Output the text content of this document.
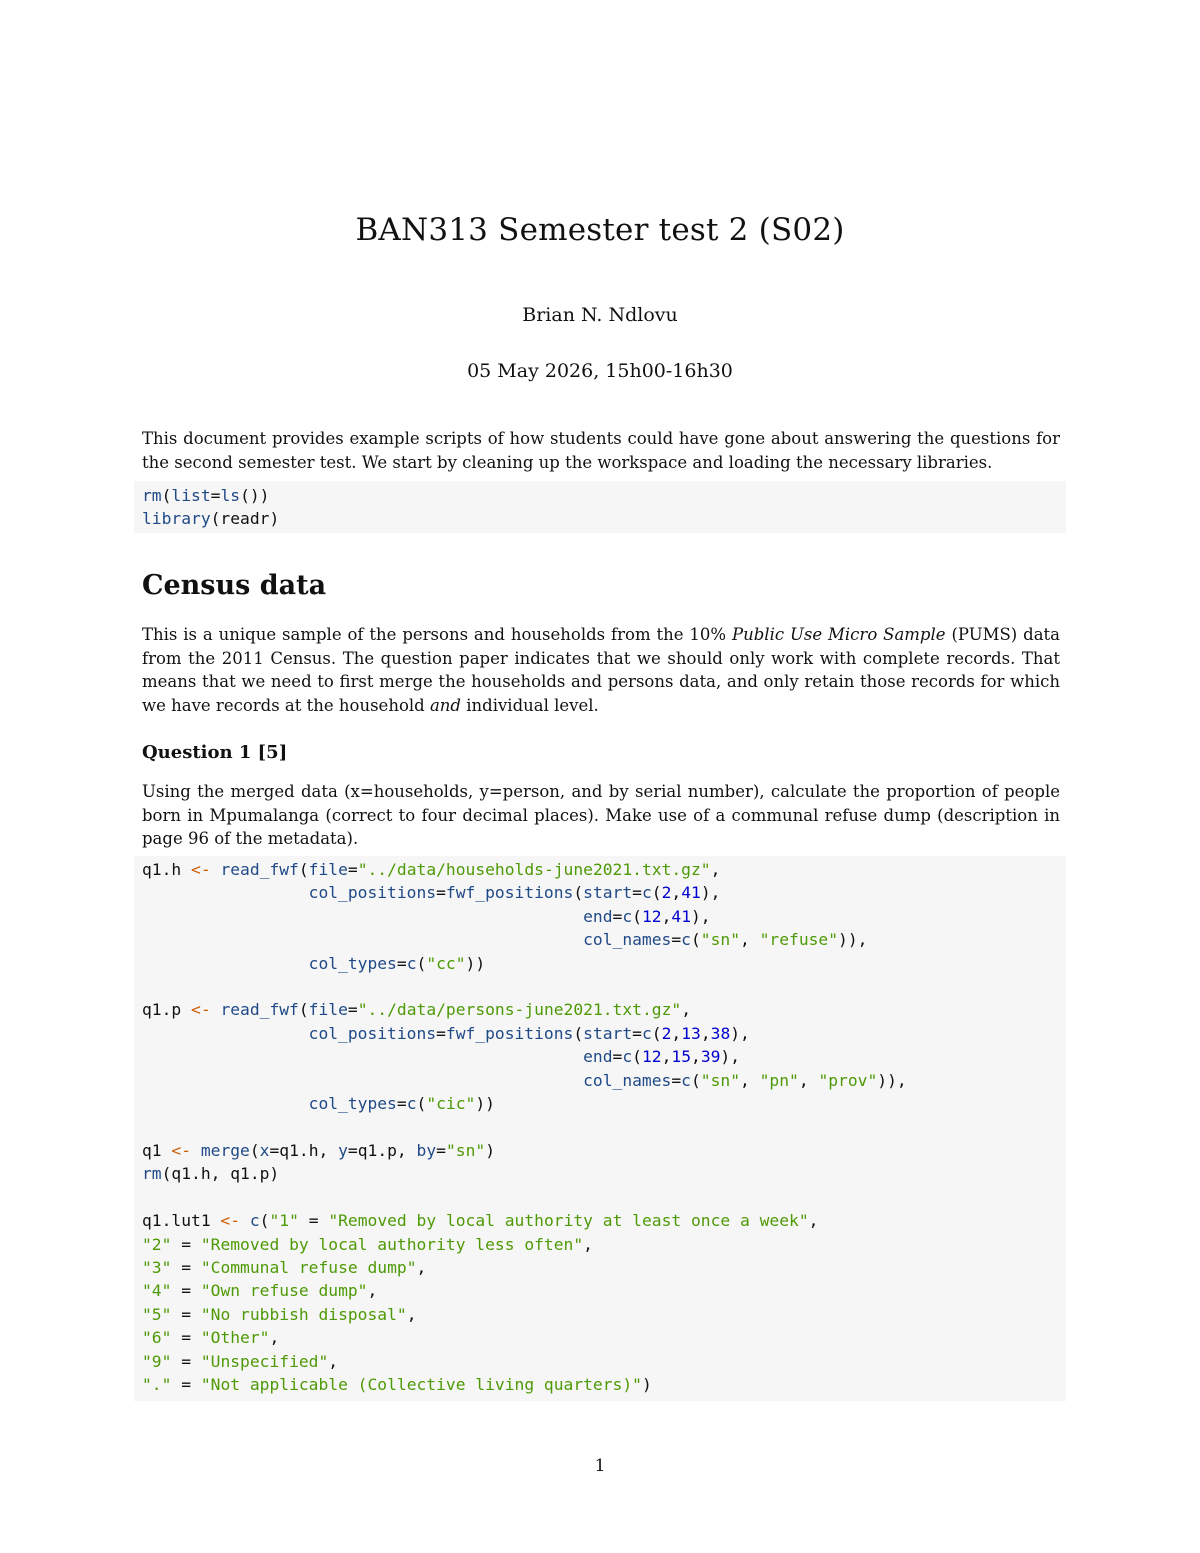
BAN313 Semester test 2 (S02)
Brian N. Ndlovu
05 May 2026, 15h00-16h30

This document provides example scripts of how students could have gone about answering the questions for the second semester test. We start by cleaning up the workspace and loading the necessary libraries.

rm(list=ls())
library(readr)
Census data

This is a unique sample of the persons and households from the 10% Public Use Micro Sample (PUMS) data from the 2011 Census. The question paper indicates that we should only work with complete records. That means that we need to first merge the households and persons data, and only retain those records for which we have records at the household and individual level.

Question 1 [5]

Using the merged data (x=households, y=person, and by serial number), calculate the proportion of people born in Mpumalanga (correct to four decimal places). Make use of a communal refuse dump (description in page 96 of the metadata).

q1.h <- read_fwf(file="../data/households-june2021.txt.gz",
col_positions=fwf_positions(start=c(2,41),
end=c(12,41),
col_names=c("sn", "refuse")),
col_types=c("cc"))

q1.p <- read_fwf(file="../data/persons-june2021.txt.gz",
col_positions=fwf_positions(start=c(2,13,38),
end=c(12,15,39),
col_names=c("sn", "pn", "prov")),
col_types=c("cic"))

q1 <- merge(x=q1.h, y=q1.p, by="sn")
rm(q1.h, q1.p)

q1.lut1 <- c("1" = "Removed by local authority at least once a week",
"2" = "Removed by local authority less often",
"3" = "Communal refuse dump",
"4" = "Own refuse dump",
"5" = "No rubbish disposal",
"6" = "Other",
"9" = "Unspecified",
"." = "Not applicable (Collective living quarters)")
1
